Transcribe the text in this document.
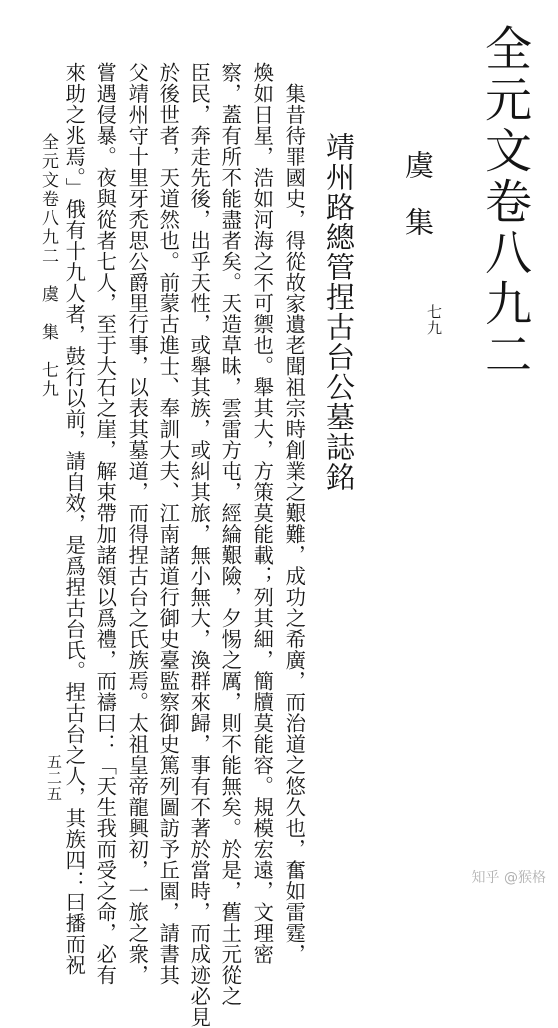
全元文卷八九二
虞集
七九
靖州路總管捏古台公墓誌銘
集昔待罪國史，得從故家遺老聞祖宗時創業之艱難，成功之希廣，而治道之悠久也，奮如雷霆，
煥如日星，浩如河海之不可禦也。舉其大，方策莫能載；列其細，簡牘莫能容。規模宏遠，文理密
察，蓋有所不能盡者矣。天造草昧，雲雷方屯，經綸艱險，夕惕之厲，則不能無矣。於是，舊土元從之
臣民，奔走先後，出乎天性，或舉其族，或糾其旅，無小無大，渙群來歸，事有不著於當時，而成迹必見
於後世者，天道然也。前蒙古進士、奉訓大夫、江南諸道行御史臺監察御史篤列圖訪予丘園，請書其
父靖州守十里牙禿思公爵里行事，以表其墓道，而得捏古台之氏族焉。太祖皇帝龍興初，一旅之衆，
嘗遇侵暴。夜與從者七人，至于大石之崖，解束帶加諸領以爲禮，而禱曰：「天生我而受之命，必有
來助之兆焉。」俄有十九人者，鼓行以前，請自效，是爲捏古台氏。捏古台之人，其族四：曰播而祝
全元文卷八九二　虞　集　七九
五二五
知乎 @猴格
